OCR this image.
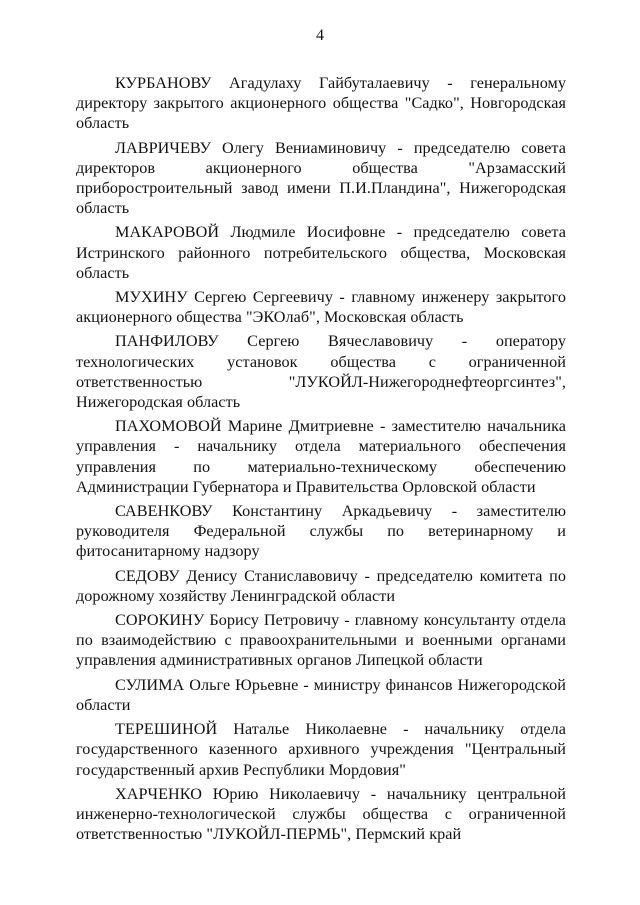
4

КУРБАНОВУ Агадулаху Гайбуталаевичу - генеральному директору закрытого акционерного общества "Садко", Новгородская область

ЛАВРИЧЕВУ Олегу Вениаминовичу - председателю совета директоров акционерного общества "Арзамасский приборостроительный завод имени П.И.Пландина", Нижегородская область

МАКАРОВОЙ Людмиле Иосифовне - председателю совета Истринского районного потребительского общества, Московская область

МУХИНУ Сергею Сергеевичу - главному инженеру закрытого акционерного общества "ЭКОлаб", Московская область

ПАНФИЛОВУ Сергею Вячеславовичу - оператору технологических установок общества с ограниченной ответственностью "ЛУКОЙЛ-Нижегороднефтеоргсинтез", Нижегородская область

ПАХОМОВОЙ Марине Дмитриевне - заместителю начальника управления - начальнику отдела материального обеспечения управления по материально-техническому обеспечению Администрации Губернатора и Правительства Орловской области

САВЕНКОВУ Константину Аркадьевичу - заместителю руководителя Федеральной службы по ветеринарному и фитосанитарному надзору

СЕДОВУ Денису Станиславовичу - председателю комитета по дорожному хозяйству Ленинградской области

СОРОКИНУ Борису Петровичу - главному консультанту отдела по взаимодействию с правоохранительными и военными органами управления административных органов Липецкой области

СУЛИМА Ольге Юрьевне - министру финансов Нижегородской области

ТЕРЕШИНОЙ Наталье Николаевне - начальнику отдела государственного казенного архивного учреждения "Центральный государственный архив Республики Мордовия"

ХАРЧЕНКО Юрию Николаевичу - начальнику центральной инженерно-технологической службы общества с ограниченной ответственностью "ЛУКОЙЛ-ПЕРМЬ", Пермский край
